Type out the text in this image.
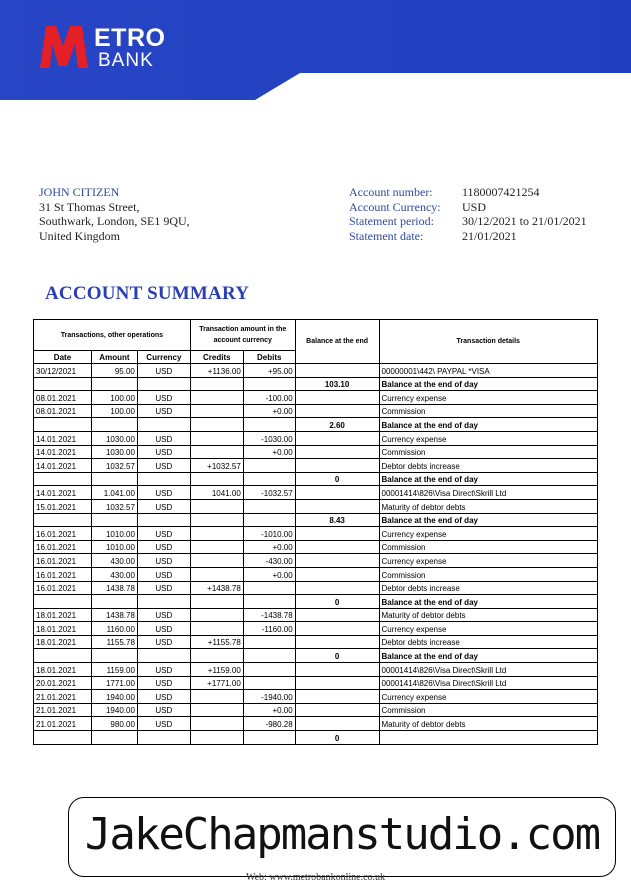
ETRO
BANK
JOHN CITIZEN
31 St Thomas Street,
Southwark, London, SE1 9QU,
United Kingdom
Account number:	1180007421254
Account Currency:	USD
Statement period:	30/12/2021 to 21/01/2021
Statement date:	21/01/2021
ACCOUNT SUMMARY
Transactions, other operations			Transaction amount in the account currency		Balance at the end	Transaction details
Date	Amount	Currency	Credits	Debits		
30/12/2021	95.00	USD	+1136.00	+95.00		00000001\442\ PAYPAL *VISA
					103.10	Balance at the end of day
08.01.2021	100.00	USD		-100.00		Currency expense
08.01.2021	100.00	USD		+0.00		Commission
					2.60	Balance at the end of day
14.01.2021	1030.00	USD		-1030.00		Currency expense
14.01.2021	1030.00	USD		+0.00		Commission
14.01.2021	1032.57	USD	+1032.57			Debtor debts increase
					0	Balance at the end of day
14.01.2021	1.041.00	USD	1041.00	-1032.57		00001414\826\Visa Direct\Skrill Ltd
15.01.2021	1032.57	USD				Maturity of debtor debts
					8.43	Balance at the end of day
16.01.2021	1010.00	USD		-1010.00		Currency expense
16.01.2021	1010.00	USD		+0.00		Commission
16.01.2021	430.00	USD		-430.00		Currency expense
16.01.2021	430.00	USD		+0.00		Commission
16.01.2021	1438.78	USD	+1438.78			Debtor debts increase
					0	Balance at the end of day
18.01.2021	1438.78	USD		-1438.78		Maturity of debtor debts
18.01.2021	1160.00	USD		-1160.00		Currency expense
18.01.2021	1155.78	USD	+1155.78			Debtor debts increase
					0	Balance at the end of day
18.01.2021	1159.00	USD	+1159.00			00001414\826\Visa Direct\Skrill Ltd
20.01.2021	1771.00	USD	+1771.00			00001414\826\Visa Direct\Skrill Ltd
21.01.2021	1940.00	USD		-1940.00		Currency expense
21.01.2021	1940.00	USD		+0.00		Commission
21.01.2021	980.00	USD		-980.28		Maturity of debtor debts
					0	
JakeChapmanstudio.com
Web: www.metrobankonline.co.uk
